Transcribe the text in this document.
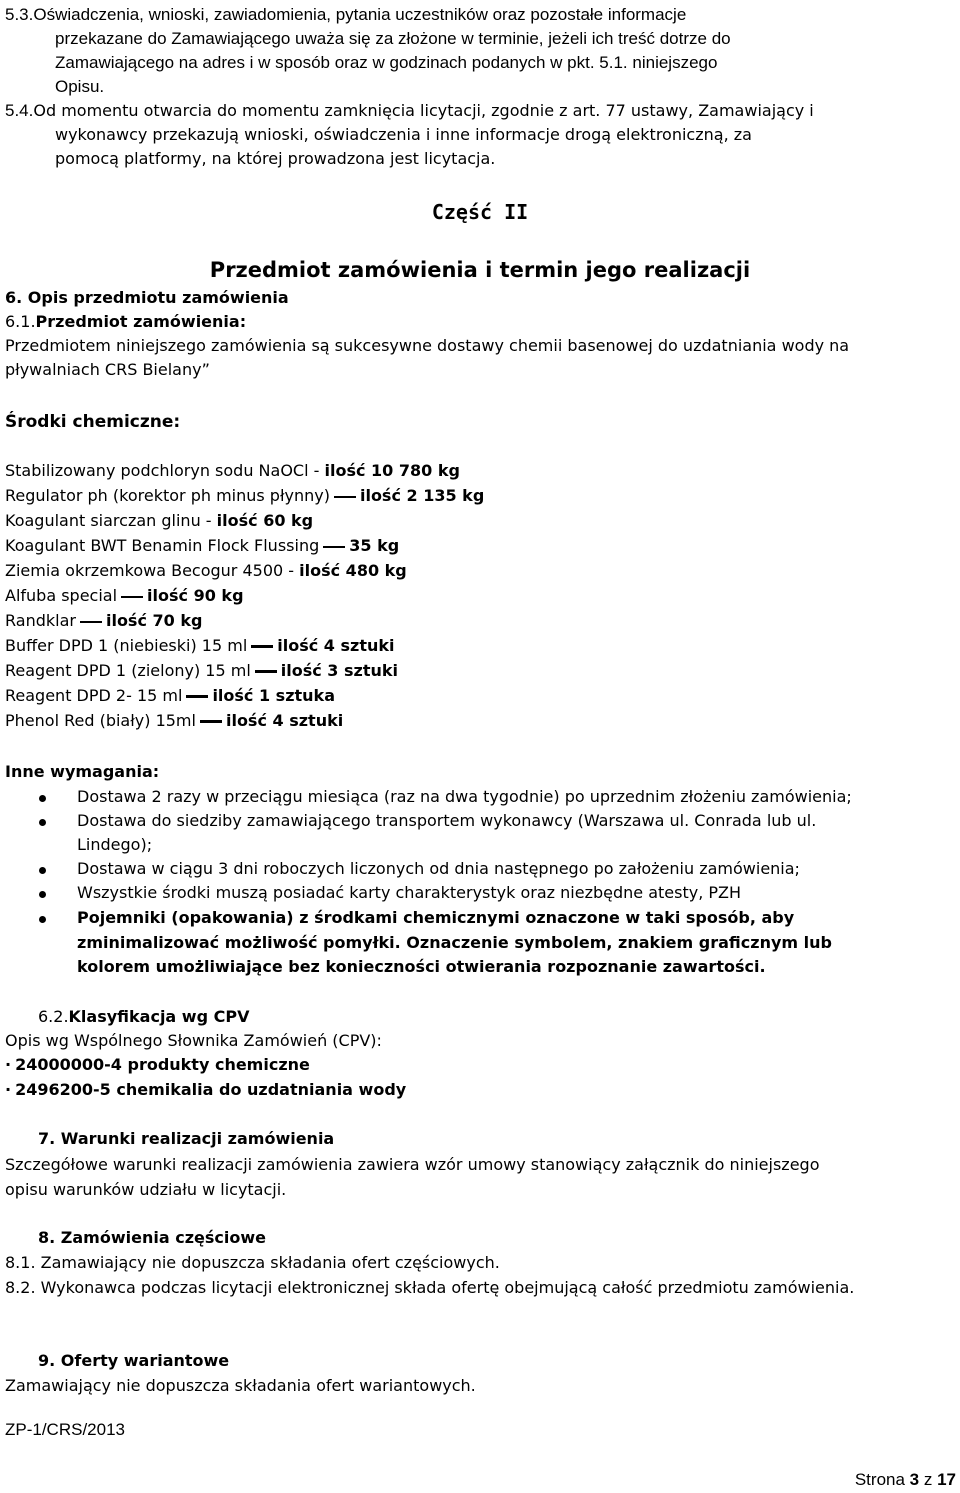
5.3.Oświadczenia, wnioski, zawiadomienia, pytania uczestników oraz pozostałe informacje
przekazane do Zamawiającego uważa się za złożone w terminie, jeżeli ich treść dotrze do
Zamawiającego na adres i w sposób oraz w godzinach podanych w pkt. 5.1. niniejszego
Opisu.
5.4.Od momentu otwarcia do momentu zamknięcia licytacji, zgodnie z art. 77 ustawy, Zamawiający i
wykonawcy przekazują wnioski, oświadczenia i inne informacje drogą elektroniczną, za
pomocą platformy, na której prowadzona jest licytacja.
Część II
Przedmiot zamówienia i termin jego realizacji
6. Opis przedmiotu zamówienia
6.1.Przedmiot zamówienia:
Przedmiotem niniejszego zamówienia są sukcesywne dostawy chemii basenowej do uzdatniania wody na
pływalniach CRS Bielany”
Środki chemiczne:
Stabilizowany podchloryn sodu NaOCl - ilość 10 780 kg
Regulator ph (korektor ph minus płynny) ilość 2 135 kg
Koagulant siarczan glinu - ilość 60 kg
Koagulant BWT Benamin Flock Flussing 35 kg
Ziemia okrzemkowa Becogur 4500 - ilość 480 kg
Alfuba special ilość 90 kg
Randklar ilość 70 kg
Buffer DPD 1 (niebieski) 15 ml ilość 4 sztuki
Reagent DPD 1 (zielony) 15 ml ilość 3 sztuki
Reagent DPD 2- 15 ml ilość 1 sztuka
Phenol Red (biały) 15ml ilość 4 sztuki
Inne wymagania:
Dostawa 2 razy w przeciągu miesiąca (raz na dwa tygodnie) po uprzednim złożeniu zamówienia;
Dostawa do siedziby zamawiającego transportem wykonawcy (Warszawa ul. Conrada lub ul.
Lindego);
Dostawa w ciągu 3 dni roboczych liczonych od dnia następnego po założeniu zamówienia;
Wszystkie środki muszą posiadać karty charakterystyk oraz niezbędne atesty, PZH
Pojemniki (opakowania) z środkami chemicznymi oznaczone w taki sposób, aby
zminimalizować możliwość pomyłki. Oznaczenie symbolem, znakiem graficznym lub
kolorem umożliwiające bez konieczności otwierania rozpoznanie zawartości.
6.2.Klasyfikacja wg CPV
Opis wg Wspólnego Słownika Zamówień (CPV):
· 24000000-4 produkty chemiczne
· 2496200-5 chemikalia do uzdatniania wody
7. Warunki realizacji zamówienia
Szczegółowe warunki realizacji zamówienia zawiera wzór umowy stanowiący załącznik do niniejszego
opisu warunków udziału w licytacji.
8. Zamówienia częściowe
8.1. Zamawiający nie dopuszcza składania ofert częściowych.
8.2. Wykonawca podczas licytacji elektronicznej składa ofertę obejmującą całość przedmiotu zamówienia.
9. Oferty wariantowe
Zamawiający nie dopuszcza składania ofert wariantowych.
ZP-1/CRS/2013
Strona 3 z 17
